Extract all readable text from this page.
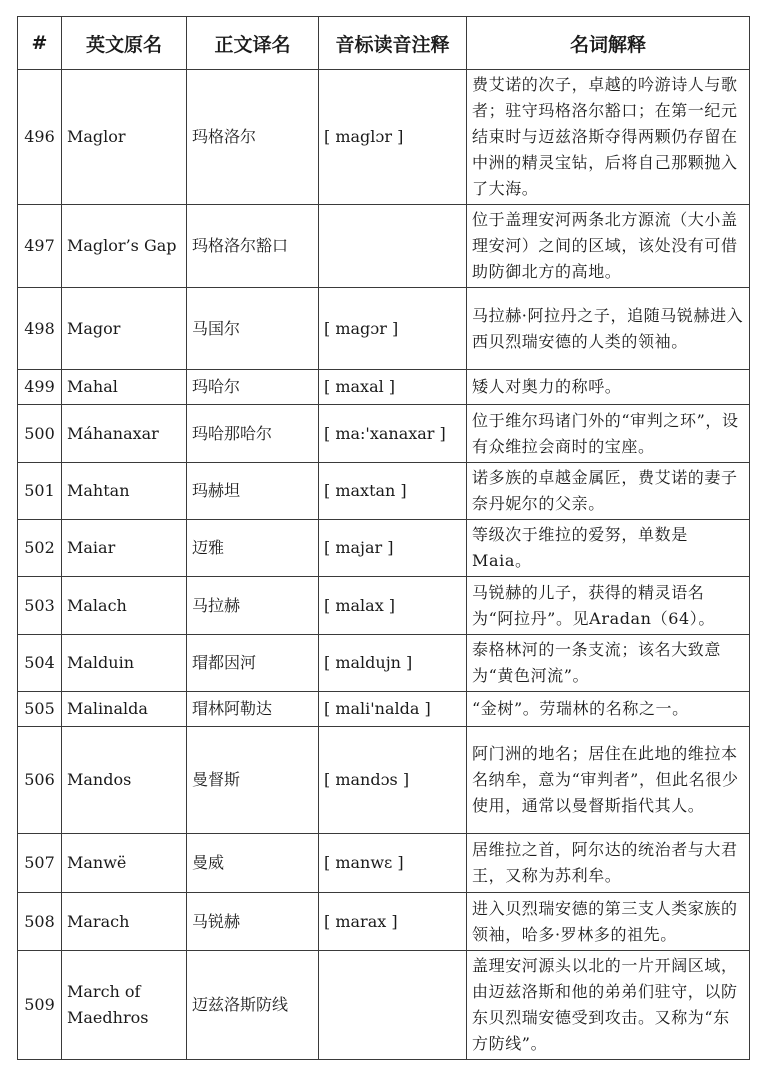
#	英文原名	正文译名	音标读音注释	名词解释
496	Maglor	玛格洛尔	[ maglɔr ]	费艾诺的次子，卓越的吟游诗人与歌者；驻守玛格洛尔豁口；在第一纪元结束时与迈兹洛斯夺得两颗仍存留在中洲的精灵宝钻，后将自己那颗抛入了大海。
497	Maglor’s Gap	玛格洛尔豁口		位于盖理安河两条北方源流（大小盖理安河）之间的区域，该处没有可借助防御北方的高地。
498	Magor	马国尔	[ magɔr ]	马拉赫·阿拉丹之子，追随马锐赫进入西贝烈瑞安德的人类的领袖。
499	Mahal	玛哈尔	[ maxal ]	矮人对奥力的称呼。
500	Máhanaxar	玛哈那哈尔	[ ma:'xanaxar ]	位于维尔玛诸门外的“审判之环”，设有众维拉会商时的宝座。
501	Mahtan	玛赫坦	[ maxtan ]	诺多族的卓越金属匠，费艾诺的妻子奈丹妮尔的父亲。
502	Maiar	迈雅	[ majar ]	等级次于维拉的爱努，单数是Maia。
503	Malach	马拉赫	[ malax ]	马锐赫的儿子，获得的精灵语名为“阿拉丹”。见Aradan（64）。
504	Malduin	瑁都因河	[ maldujn ]	泰格林河的一条支流；该名大致意为“黄色河流”。
505	Malinalda	瑁林阿勒达	[ mali'nalda ]	“金树”。劳瑞林的名称之一。
506	Mandos	曼督斯	[ mandɔs ]	阿门洲的地名；居住在此地的维拉本名纳牟，意为“审判者”，但此名很少使用，通常以曼督斯指代其人。
507	Manwë	曼威	[ manwɛ ]	居维拉之首，阿尔达的统治者与大君王，又称为苏利牟。
508	Marach	马锐赫	[ marax ]	进入贝烈瑞安德的第三支人类家族的领袖，哈多·罗林多的祖先。
509	March of Maedhros	迈兹洛斯防线		盖理安河源头以北的一片开阔区域，由迈兹洛斯和他的弟弟们驻守，以防东贝烈瑞安德受到攻击。又称为“东方防线”。
